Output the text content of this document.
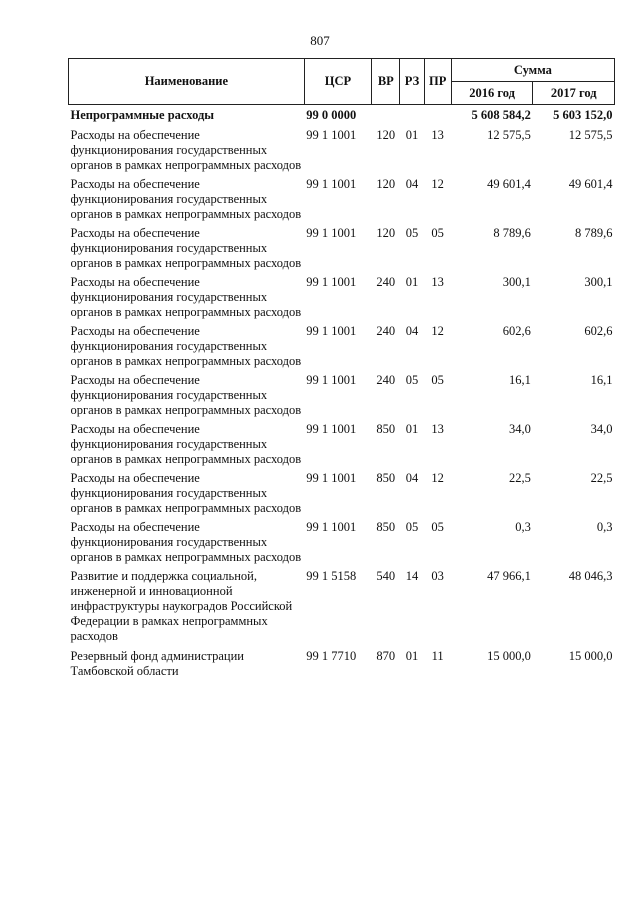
807
Наименование	ЦСР	ВР	РЗ	ПР	Сумма	
					2016 год	2017 год
Непрограммные расходы	99 0 0000				5 608 584,2	5 603 152,0
Расходы на обеспечение функционирования государственных органов в рамках непрограммных расходов	99 1 1001	120	01	13	12 575,5	12 575,5
Расходы на обеспечение функционирования государственных органов в рамках непрограммных расходов	99 1 1001	120	04	12	49 601,4	49 601,4
Расходы на обеспечение функционирования государственных органов в рамках непрограммных расходов	99 1 1001	120	05	05	8 789,6	8 789,6
Расходы на обеспечение функционирования государственных органов в рамках непрограммных расходов	99 1 1001	240	01	13	300,1	300,1
Расходы на обеспечение функционирования государственных органов в рамках непрограммных расходов	99 1 1001	240	04	12	602,6	602,6
Расходы на обеспечение функционирования государственных органов в рамках непрограммных расходов	99 1 1001	240	05	05	16,1	16,1
Расходы на обеспечение функционирования государственных органов в рамках непрограммных расходов	99 1 1001	850	01	13	34,0	34,0
Расходы на обеспечение функционирования государственных органов в рамках непрограммных расходов	99 1 1001	850	04	12	22,5	22,5
Расходы на обеспечение функционирования государственных органов в рамках непрограммных расходов	99 1 1001	850	05	05	0,3	0,3
Развитие и поддержка социальной, инженерной и инновационной инфраструктуры наукоградов Российской Федерации в рамках непрограммных расходов	99 1 5158	540	14	03	47 966,1	48 046,3
Резервный фонд администрации Тамбовской области	99 1 7710	870	01	11	15 000,0	15 000,0
